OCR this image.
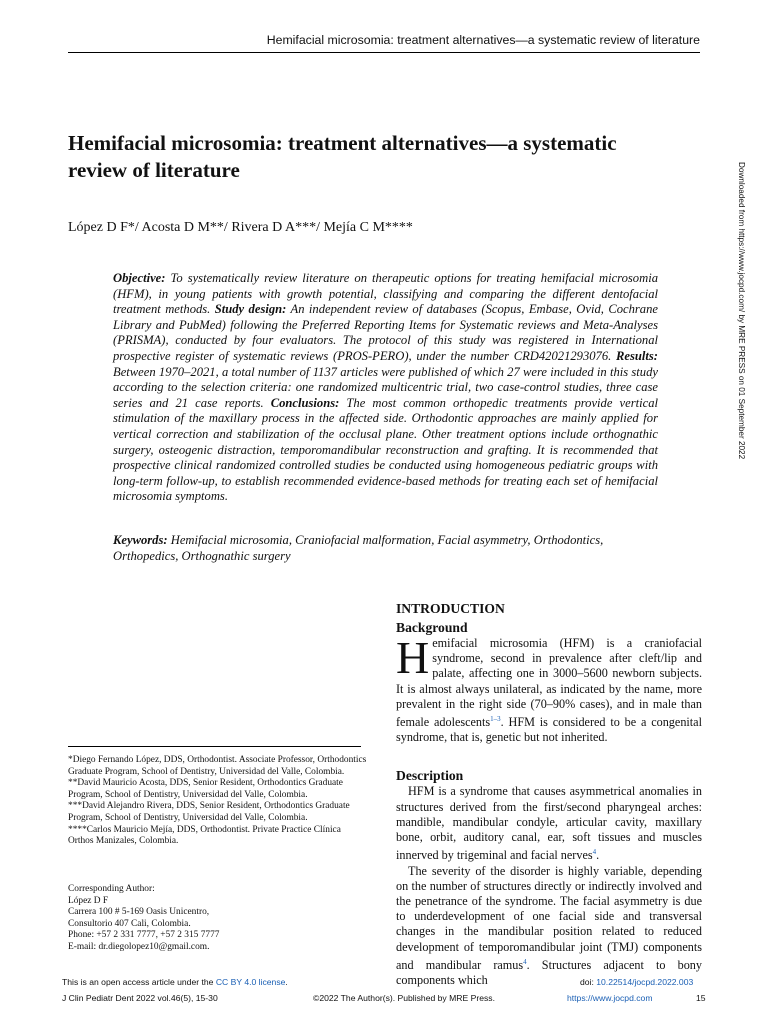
Hemifacial microsomia: treatment alternatives—a systematic review of literature
Hemifacial microsomia: treatment alternatives—a systematic review of literature
López D F*/ Acosta D M**/ Rivera D A***/ Mejía C M****	Downloaded from https://www.jocpd.com/ by MRE PRESS on 01 September 2022
Objective: To systematically review literature on therapeutic options for treating hemifacial microsomia (HFM), in young patients with growth potential, classifying and comparing the different dentofacial treatment methods. Study design: An independent review of databases (Scopus, Embase, Ovid, Cochrane Library and PubMed) following the Preferred Reporting Items for Systematic reviews and Meta-Analyses (PRISMA), conducted by four evaluators. The protocol of this study was registered in International prospective register of systematic reviews (PROS-PERO), under the number CRD42021293076. Results: Between 1970–2021, a total number of 1137 articles were published of which 27 were included in this study according to the selection criteria: one randomized multicentric trial, two case-control studies, three case series and 21 case reports. Conclusions: The most common orthopedic treatments provide vertical stimulation of the maxillary process in the affected side. Orthodontic approaches are mainly applied for vertical correction and stabilization of the occlusal plane. Other treatment options include orthognathic surgery, osteogenic distraction, temporomandibular reconstruction and grafting. It is recommended that prospective clinical randomized controlled studies be conducted using homogeneous pediatric groups with long-term follow-up, to establish recommended evidence-based methods for treating each set of hemifacial microsomia symptoms.
Keywords: Hemifacial microsomia, Craniofacial malformation, Facial asymmetry, Orthodontics, Orthopedics, Orthognathic surgery

INTRODUCTION

Background

Hemifacial microsomia (HFM) is a craniofacial syndrome, second in prevalence after cleft/lip and palate, affecting one in 3000–5600 newborn subjects. It is almost always unilateral, as indicated by the name, more prevalent in the right side (70–90% cases), and in male than female adolescents$^{1-3}$. HFM is considered to be a congenital syndrome, that is, genetic but not inherited.

Description

HFM is a syndrome that causes asymmetrical anomalies in structures derived from the first/second pharyngeal arches: mandible, mandibular condyle, articular cavity, maxillary bone, orbit, auditory canal, ear, soft tissues and muscles innerved by trigeminal and facial nerves$^4$.

The severity of the disorder is highly variable, depending on the number of structures directly or indirectly involved and the penetrance of the syndrome. The facial asymmetry is due to underdevelopment of one facial side and transversal changes in the mandibular position related to reduced development of temporomandibular joint (TMJ) components and mandibular ramus$^4$. Structures adjacent to bony components which

*Diego Fernando López, DDS, Orthodontist. Associate Professor, Orthodontics Graduate Program, School of Dentistry, Universidad del Valle, Colombia.

**David Mauricio Acosta, DDS, Senior Resident, Orthodontics Graduate Program, School of Dentistry, Universidad del Valle, Colombia.

***David Alejandro Rivera, DDS, Senior Resident, Orthodontics Graduate Program, School of Dentistry, Universidad del Valle, Colombia.

****Carlos Mauricio Mejía, DDS, Orthodontist. Private Practice Clínica Orthos Manizales, Colombia.

Corresponding Author:

López D F

Carrera 100 # 5-169 Oasis Unicentro,

Consultorio 407 Cali, Colombia.

Phone: +57 2 331 7777, +57 2 315 7777

E-mail: dr.diegolopez10@gmail.com.

This is an open access article under the CC BY 4.0 license.
J Clin Pediatr Dent 2022 vol.46(5), 15-30	©2022 The Author(s). Published by MRE Press.
doi: 10.22514/jocpd.2022.003
https://www.jocpd.com	15
